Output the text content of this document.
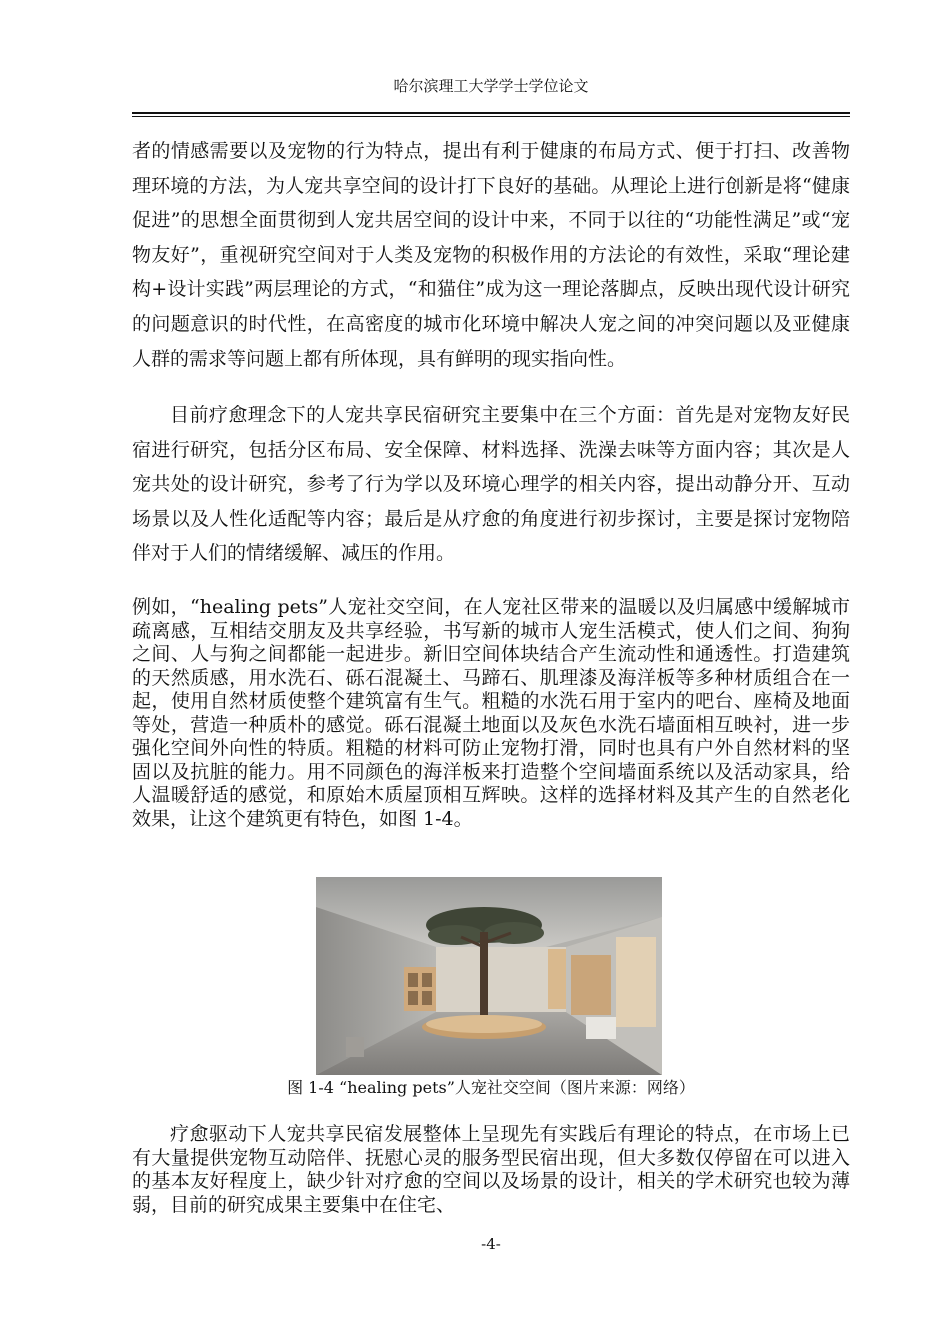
哈尔滨理工大学学士学位论文

者的情感需要以及宠物的行为特点，提出有利于健康的布局方式、便于打扫、改善物理环境的方法，为人宠共享空间的设计打下良好的基础。从理论上进行创新是将“健康促进”的思想全面贯彻到人宠共居空间的设计中来，不同于以往的“功能性满足”或“宠物友好”，重视研究空间对于人类及宠物的积极作用的方法论的有效性，采取“理论建构+设计实践”两层理论的方式，“和猫住”成为这一理论落脚点，反映出现代设计研究的问题意识的时代性，在高密度的城市化环境中解决人宠之间的冲突问题以及亚健康人群的需求等问题上都有所体现，具有鲜明的现实指向性。

目前疗愈理念下的人宠共享民宿研究主要集中在三个方面：首先是对宠物友好民宿进行研究，包括分区布局、安全保障、材料选择、洗澡去味等方面内容；其次是人宠共处的设计研究，参考了行为学以及环境心理学的相关内容，提出动静分开、互动场景以及人性化适配等内容；最后是从疗愈的角度进行初步探讨，主要是探讨宠物陪伴对于人们的情绪缓解、减压的作用。

例如，“healing pets”人宠社交空间，在人宠社区带来的温暖以及归属感中缓解城市疏离感，互相结交朋友及共享经验，书写新的城市人宠生活模式，使人们之间、狗狗之间、人与狗之间都能一起进步。新旧空间体块结合产生流动性和通透性。打造建筑的天然质感，用水洗石、砾石混凝土、马蹄石、肌理漆及海洋板等多种材质组合在一起，使用自然材质使整个建筑富有生气。粗糙的水洗石用于室内的吧台、座椅及地面等处，营造一种质朴的感觉。砾石混凝土地面以及灰色水洗石墙面相互映衬，进一步强化空间外向性的特质。粗糙的材料可防止宠物打滑，同时也具有户外自然材料的坚固以及抗脏的能力。用不同颜色的海洋板来打造整个空间墙面系统以及活动家具，给人温暖舒适的感觉，和原始木质屋顶相互辉映。这样的选择材料及其产生的自然老化效果，让这个建筑更有特色，如图 1-4。

图 1-4 “healing pets”人宠社交空间（图片来源：网络）

疗愈驱动下人宠共享民宿发展整体上呈现先有实践后有理论的特点，在市场上已有大量提供宠物互动陪伴、抚慰心灵的服务型民宿出现，但大多数仅停留在可以进入的基本友好程度上，缺少针对疗愈的空间以及场景的设计，相关的学术研究也较为薄弱，目前的研究成果主要集中在住宅、

-4-
